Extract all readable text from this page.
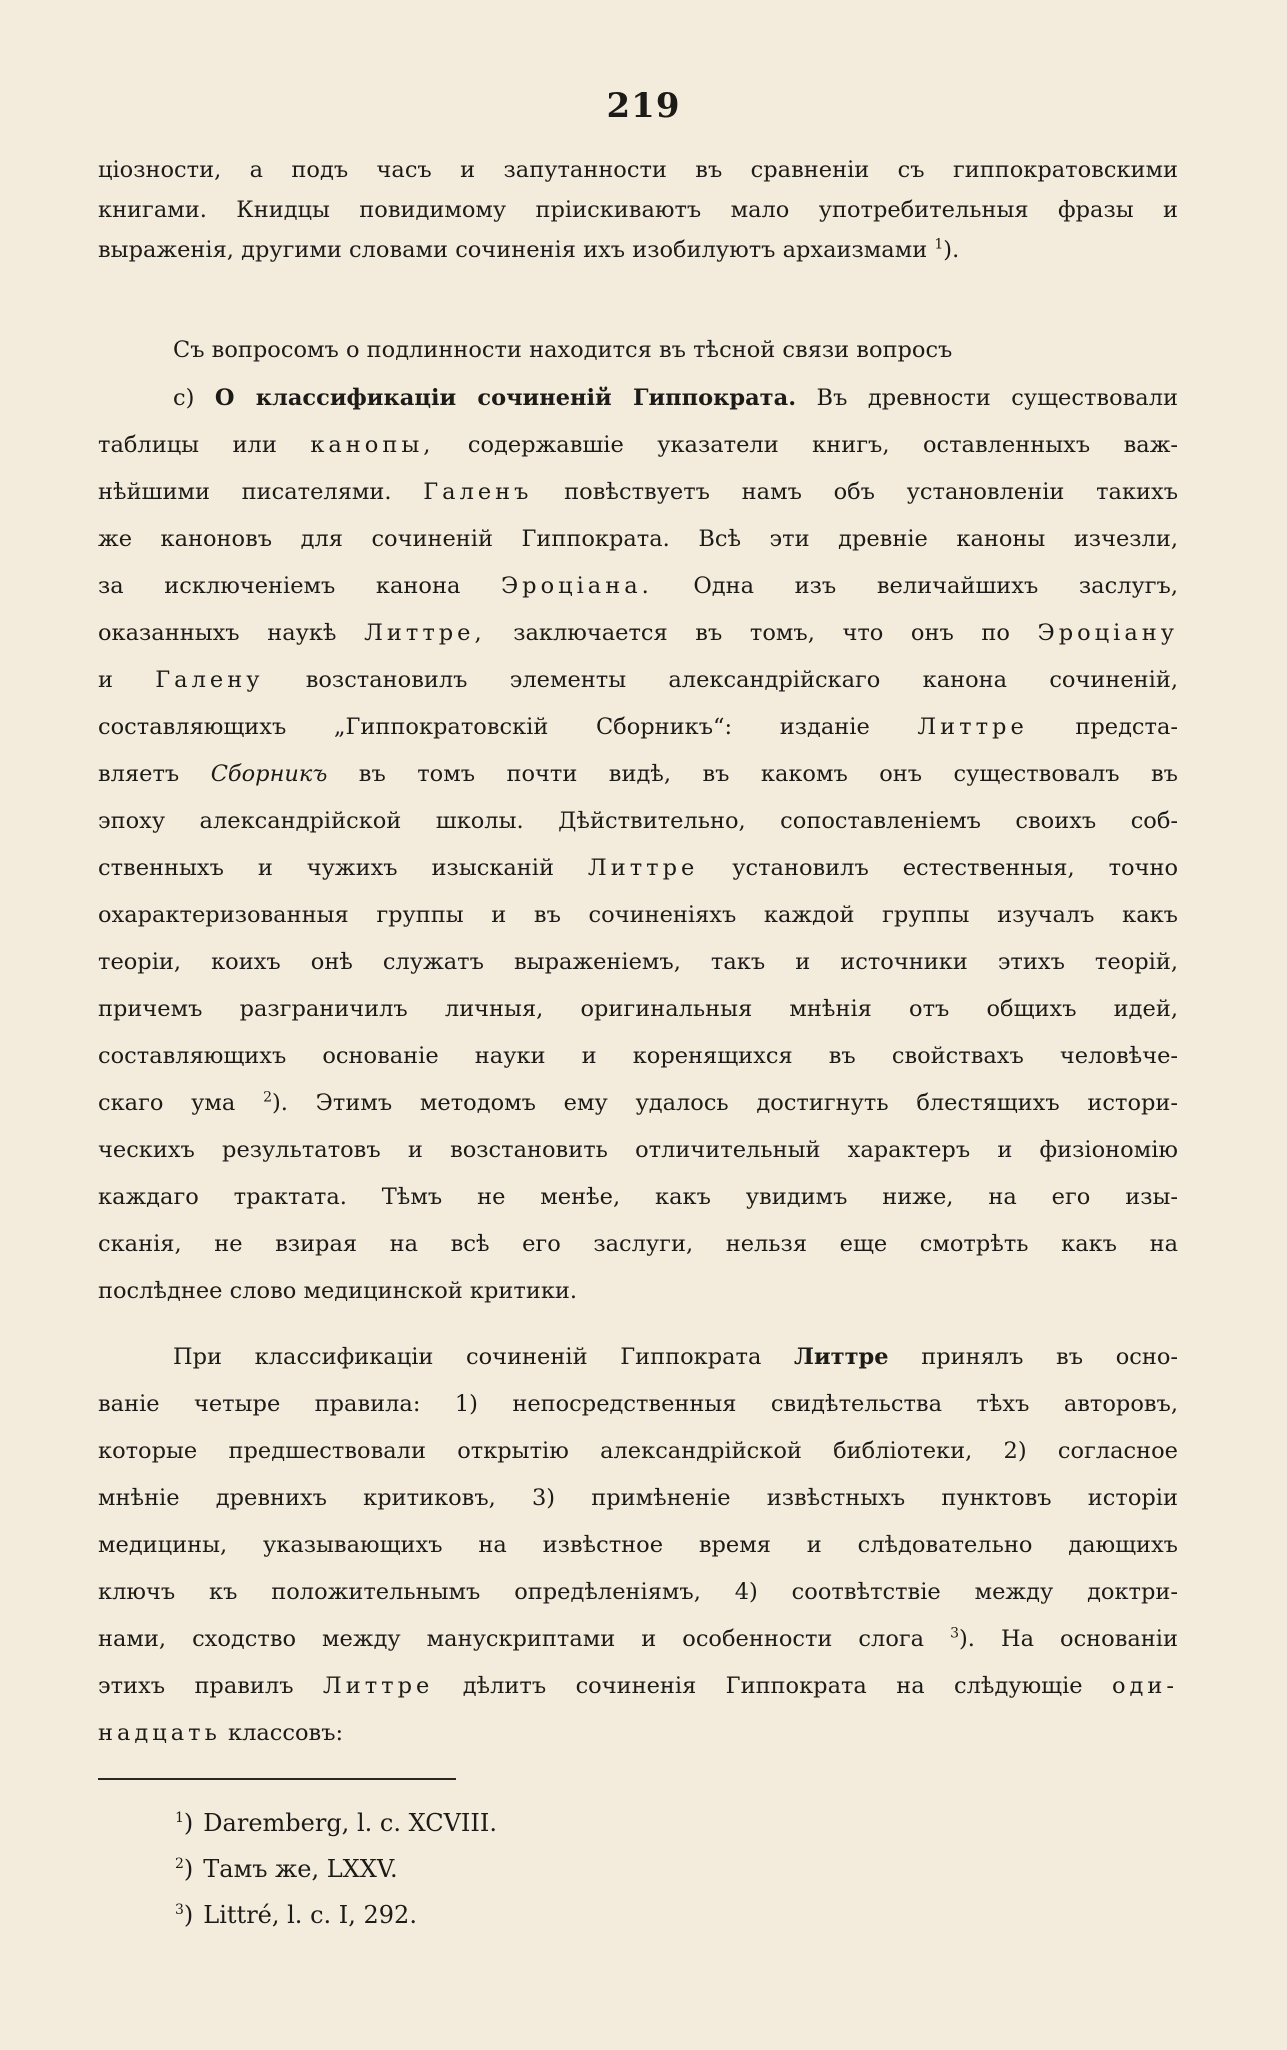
219
ціозности, а подъ часъ и запутанности въ сравненіи съ гиппократовскими
книгами. Книдцы повидимому пріискиваютъ мало употребительныя фразы и
выраженія, другими словами сочиненія ихъ изобилуютъ архаизмами $^1$).
Съ вопросомъ о подлинности находится въ тѣсной связи вопросъ
c) О классификаціи сочиненій Гиппократа. Въ древности существовали
таблицы или канопы, содержавшіе указатели книгъ, оставленныхъ важ-
нѣйшими писателями. Галенъ повѣствуетъ намъ объ установленіи такихъ
же каноновъ для сочиненій Гиппократа. Всѣ эти древніе каноны изчезли,
за исключеніемъ канона Эроціана. Одна изъ величайшихъ заслугъ,
оказанныхъ наукѣ Литтре, заключается въ томъ, что онъ по Эроціану
и Галену возстановилъ элементы александрійскаго канона сочиненій,
составляющихъ „Гиппократовскій Сборникъ“: изданіе Литтре предста-
вляетъ Сборникъ въ томъ почти видѣ, въ какомъ онъ существовалъ въ
эпоху александрійской школы. Дѣйствительно, сопоставленіемъ своихъ соб-
ственныхъ и чужихъ изысканій Литтре установилъ естественныя, точно
охарактеризованныя группы и въ сочиненіяхъ каждой группы изучалъ какъ
теоріи, коихъ онѣ служатъ выраженіемъ, такъ и источники этихъ теорій,
причемъ разграничилъ личныя, оригинальныя мнѣнія отъ общихъ идей,
составляющихъ основаніе науки и коренящихся въ свойствахъ человѣче-
скаго ума $^2$). Этимъ методомъ ему удалось достигнуть блестящихъ истори-
ческихъ результатовъ и возстановить отличительный характеръ и физіономію
каждаго трактата. Тѣмъ не менѣе, какъ увидимъ ниже, на его изы-
сканія, не взирая на всѣ его заслуги, нельзя еще смотрѣть какъ на
послѣднее слово медицинской критики.
При классификаціи сочиненій Гиппократа Литтре принялъ въ осно-
ваніе четыре правила: 1) непосредственныя свидѣтельства тѣхъ авторовъ,
которые предшествовали открытію александрійской библіотеки, 2) согласное
мнѣніе древнихъ критиковъ, 3) примѣненіе извѣстныхъ пунктовъ исторіи
медицины, указывающихъ на извѣстное время и слѣдовательно дающихъ
ключъ къ положительнымъ опредѣленіямъ, 4) соотвѣтствіе между доктри-
нами, сходство между манускриптами и особенности слога $^3$). На основаніи
этихъ правилъ Литтре дѣлитъ сочиненія Гиппократа на слѣдующіе оди-
надцать классовъ:
$^1$) Daremberg, l. c. XCVIII.
$^2$) Тамъ же, LXXV.
$^3$) Littré, l. c. I, 292.
